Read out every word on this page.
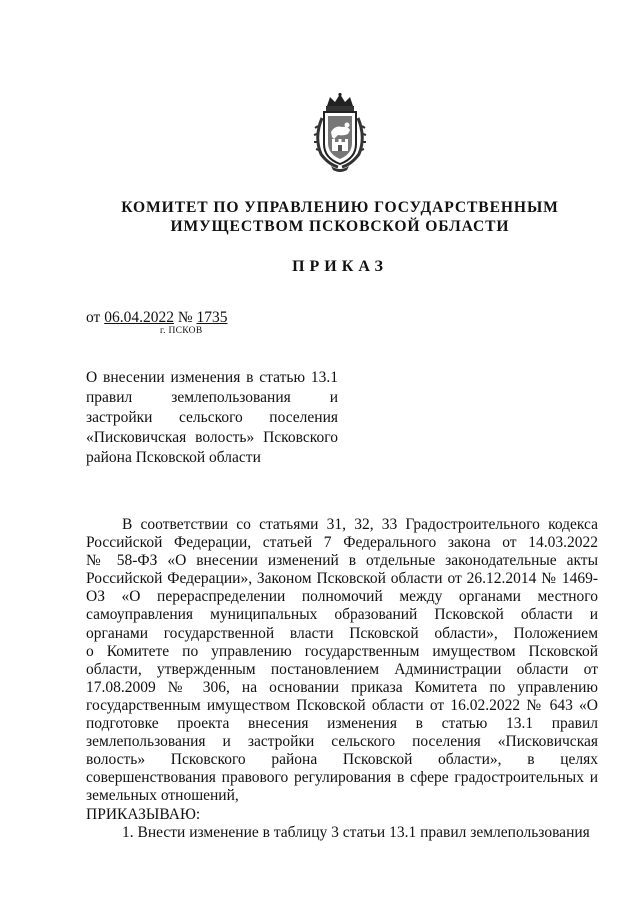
КОМИТЕТ ПО УПРАВЛЕНИЮ ГОСУДАРСТВЕННЫМ
ИМУЩЕСТВОМ ПСКОВСКОЙ ОБЛАСТИ
ПРИКАЗ
от 06.04.2022 № 1735
г. ПСКОВ
О внесении изменения в статью 13.1
правил землепользования и
застройки сельского поселения
«Писковичская волость» Псковского
района Псковской области
В соответствии со статьями 31, 32, 33 Градостроительного кодекса
Российской Федерации, статьей 7 Федерального закона от 14.03.2022
№ 58-ФЗ «О внесении изменений в отдельные законодательные акты
Российской Федерации», Законом Псковской области от 26.12.2014 № 1469-
ОЗ «О перераспределении полномочий между органами местного
самоуправления муниципальных образований Псковской области и
органами государственной власти Псковской области», Положением
о Комитете по управлению государственным имуществом Псковской
области, утвержденным постановлением Администрации области от
17.08.2009 № 306, на основании приказа Комитета по управлению
государственным имуществом Псковской области от 16.02.2022 № 643 «О
подготовке проекта внесения изменения в статью 13.1 правил
землепользования и застройки сельского поселения «Писковичская
волость» Псковского района Псковской области», в целях
совершенствования правового регулирования в сфере градостроительных и
земельных отношений,
ПРИКАЗЫВАЮ:
1. Внести изменение в таблицу 3 статьи 13.1 правил землепользования
